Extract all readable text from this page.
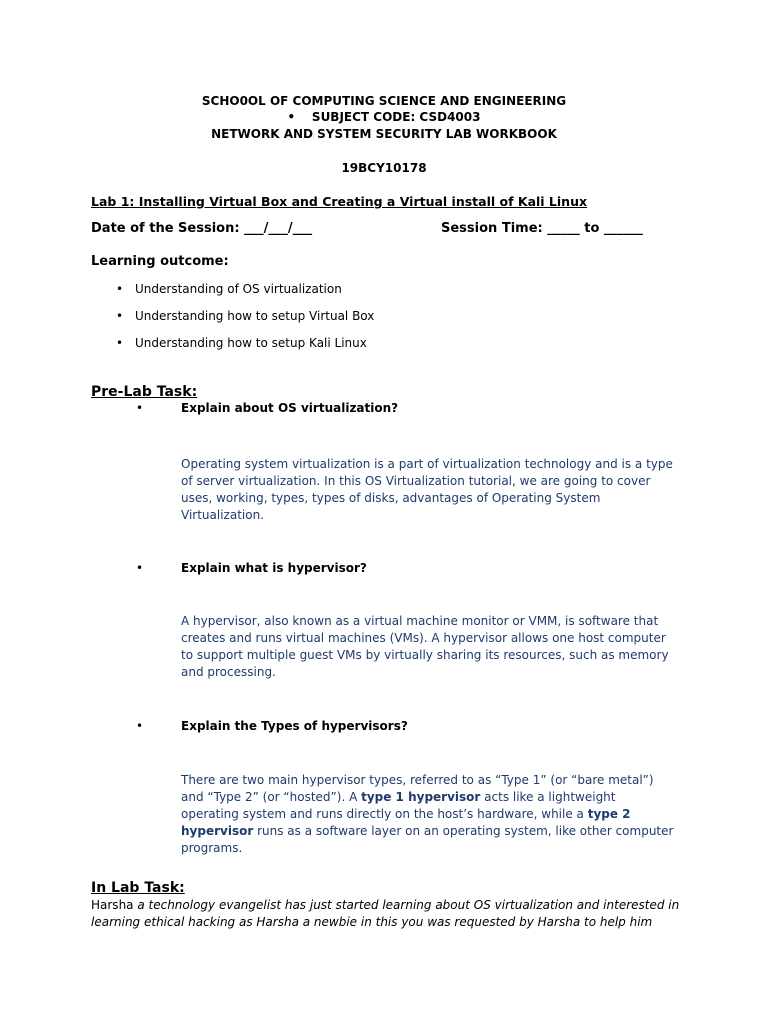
SCHO0OL OF COMPUTING SCIENCE AND ENGINEERING
• SUBJECT CODE: CSD4003
NETWORK AND SYSTEM SECURITY LAB WORKBOOK
19BCY10178
Lab 1: Installing Virtual Box and Creating a Virtual install of Kali Linux
Date of the Session: ___/___/___	Session Time: _____ to ______
Learning outcome:
• Understanding of OS virtualization
• Understanding how to setup Virtual Box
• Understanding how to setup Kali Linux
Pre-Lab Task:
•	Explain about OS virtualization?
Operating system virtualization is a part of virtualization technology and is a type of server virtualization. In this OS Virtualization tutorial, we are going to cover uses, working, types, types of disks, advantages of Operating System Virtualization.
•	Explain what is hypervisor?
A hypervisor, also known as a virtual machine monitor or VMM, is software that creates and runs virtual machines (VMs). A hypervisor allows one host computer to support multiple guest VMs by virtually sharing its resources, such as memory and processing.
•	Explain the Types of hypervisors?
There are two main hypervisor types, referred to as “Type 1” (or “bare metal”) and “Type 2” (or “hosted”). A type 1 hypervisor acts like a lightweight operating system and runs directly on the host’s hardware, while a type 2 hypervisor runs as a software layer on an operating system, like other computer programs.
In Lab Task:
Harsha a technology evangelist has just started learning about OS virtualization and interested in learning ethical hacking as Harsha a newbie in this you was requested by Harsha to help him
